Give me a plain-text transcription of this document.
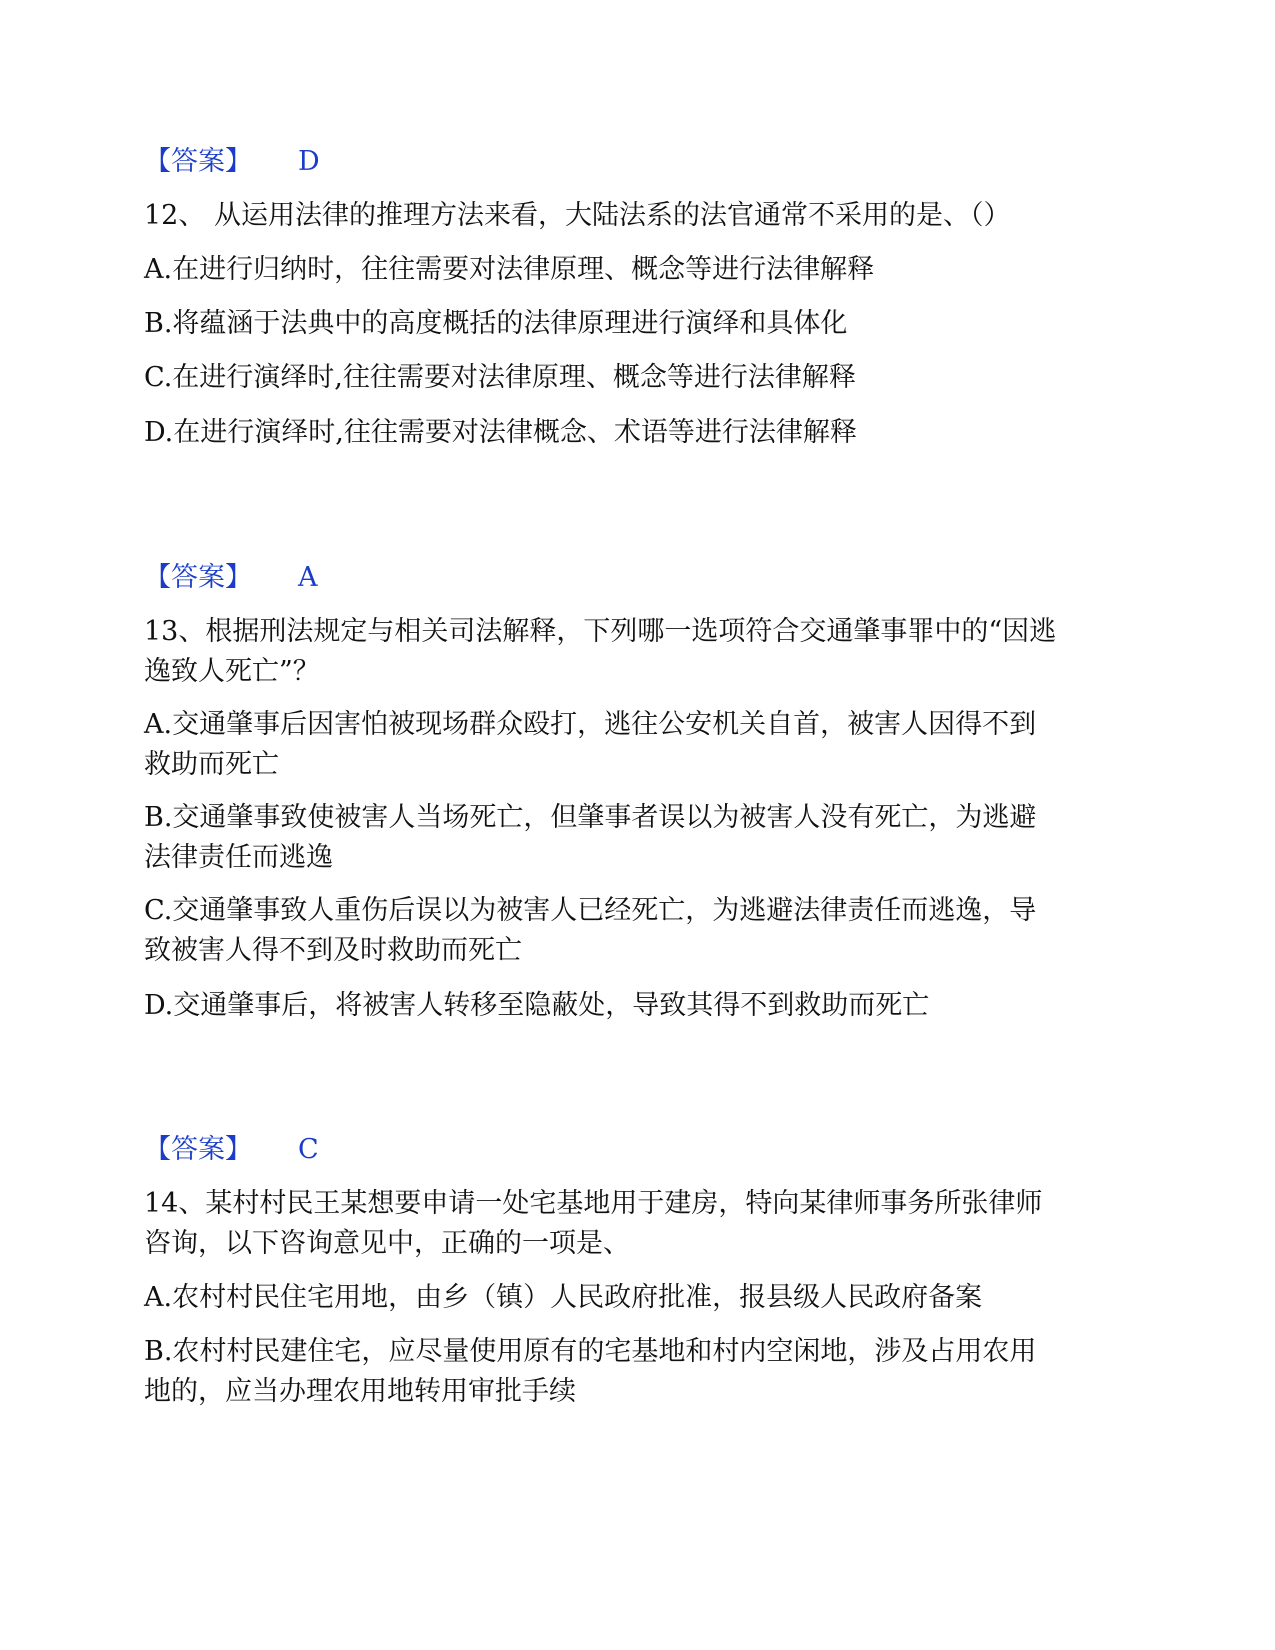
【答案】 D
12、 从运用法律的推理方法来看，大陆法系的法官通常不采用的是、（）
A.在进行归纳时，往往需要对法律原理、概念等进行法律解释
B.将蕴涵于法典中的高度概括的法律原理进行演绎和具体化
C.在进行演绎时,往往需要对法律原理、概念等进行法律解释
D.在进行演绎时,往往需要对法律概念、术语等进行法律解释
【答案】 A
13、根据刑法规定与相关司法解释，下列哪一选项符合交通肇事罪中的“因逃
逸致人死亡”？
A.交通肇事后因害怕被现场群众殴打，逃往公安机关自首，被害人因得不到
救助而死亡
B.交通肇事致使被害人当场死亡，但肇事者误以为被害人没有死亡，为逃避
法律责任而逃逸
C.交通肇事致人重伤后误以为被害人已经死亡，为逃避法律责任而逃逸，导
致被害人得不到及时救助而死亡
D.交通肇事后，将被害人转移至隐蔽处，导致其得不到救助而死亡
【答案】 C
14、某村村民王某想要申请一处宅基地用于建房，特向某律师事务所张律师
咨询，以下咨询意见中，正确的一项是、
A.农村村民住宅用地，由乡（镇）人民政府批准，报县级人民政府备案
B.农村村民建住宅，应尽量使用原有的宅基地和村内空闲地，涉及占用农用
地的，应当办理农用地转用审批手续
